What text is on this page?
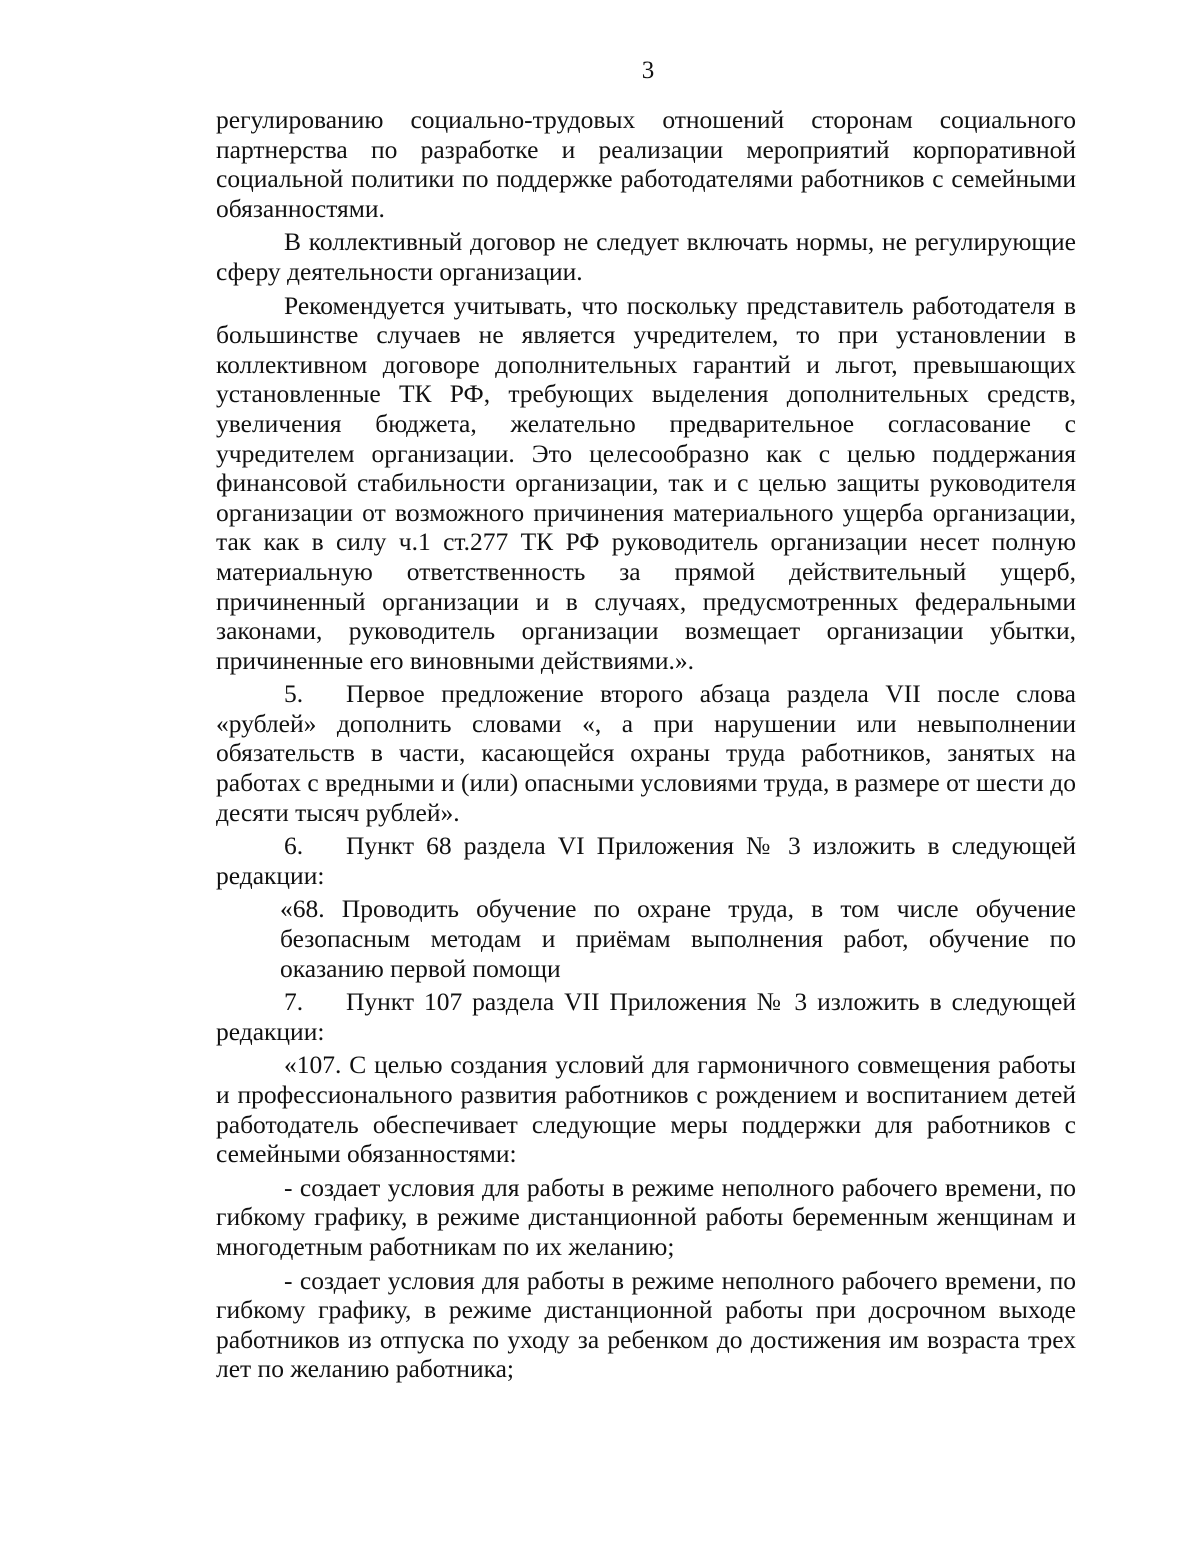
3

регулированию социально-трудовых отношений сторонам социального партнерства по разработке и реализации мероприятий корпоративной социальной политики по поддержке работодателями работников с семейными обязанностями.

В коллективный договор не следует включать нормы, не регулирующие сферу деятельности организации.

Рекомендуется учитывать, что поскольку представитель работодателя в большинстве случаев не является учредителем, то при установлении в коллективном договоре дополнительных гарантий и льгот, превышающих установленные ТК РФ, требующих выделения дополнительных средств, увеличения бюджета, желательно предварительное согласование с учредителем организации. Это целесообразно как с целью поддержания финансовой стабильности организации, так и с целью защиты руководителя организации от возможного причинения материального ущерба организации, так как в силу ч.1 ст.277 ТК РФ руководитель организации несет полную материальную ответственность за прямой действительный ущерб, причиненный организации и в случаях, предусмотренных федеральными законами, руководитель организации возмещает организации убытки, причиненные его виновными действиями.».

5. Первое предложение второго абзаца раздела VII после слова «рублей» дополнить словами «, а при нарушении или невыполнении обязательств в части, касающейся охраны труда работников, занятых на работах с вредными и (или) опасными условиями труда, в размере от шести до десяти тысяч рублей».

6. Пункт 68 раздела VI Приложения № 3 изложить в следующей редакции:

«68. Проводить обучение по охране труда, в том числе обучение безопасным методам и приёмам выполнения работ, обучение по оказанию первой помощи

7. Пункт 107 раздела VII Приложения № 3 изложить в следующей редакции:

«107. С целью создания условий для гармоничного совмещения работы и профессионального развития работников с рождением и воспитанием детей работодатель обеспечивает следующие меры поддержки для работников с семейными обязанностями:

- создает условия для работы в режиме неполного рабочего времени, по гибкому графику, в режиме дистанционной работы беременным женщинам и многодетным работникам по их желанию;

- создает условия для работы в режиме неполного рабочего времени, по гибкому графику, в режиме дистанционной работы при досрочном выходе работников из отпуска по уходу за ребенком до достижения им возраста трех лет по желанию работника;
